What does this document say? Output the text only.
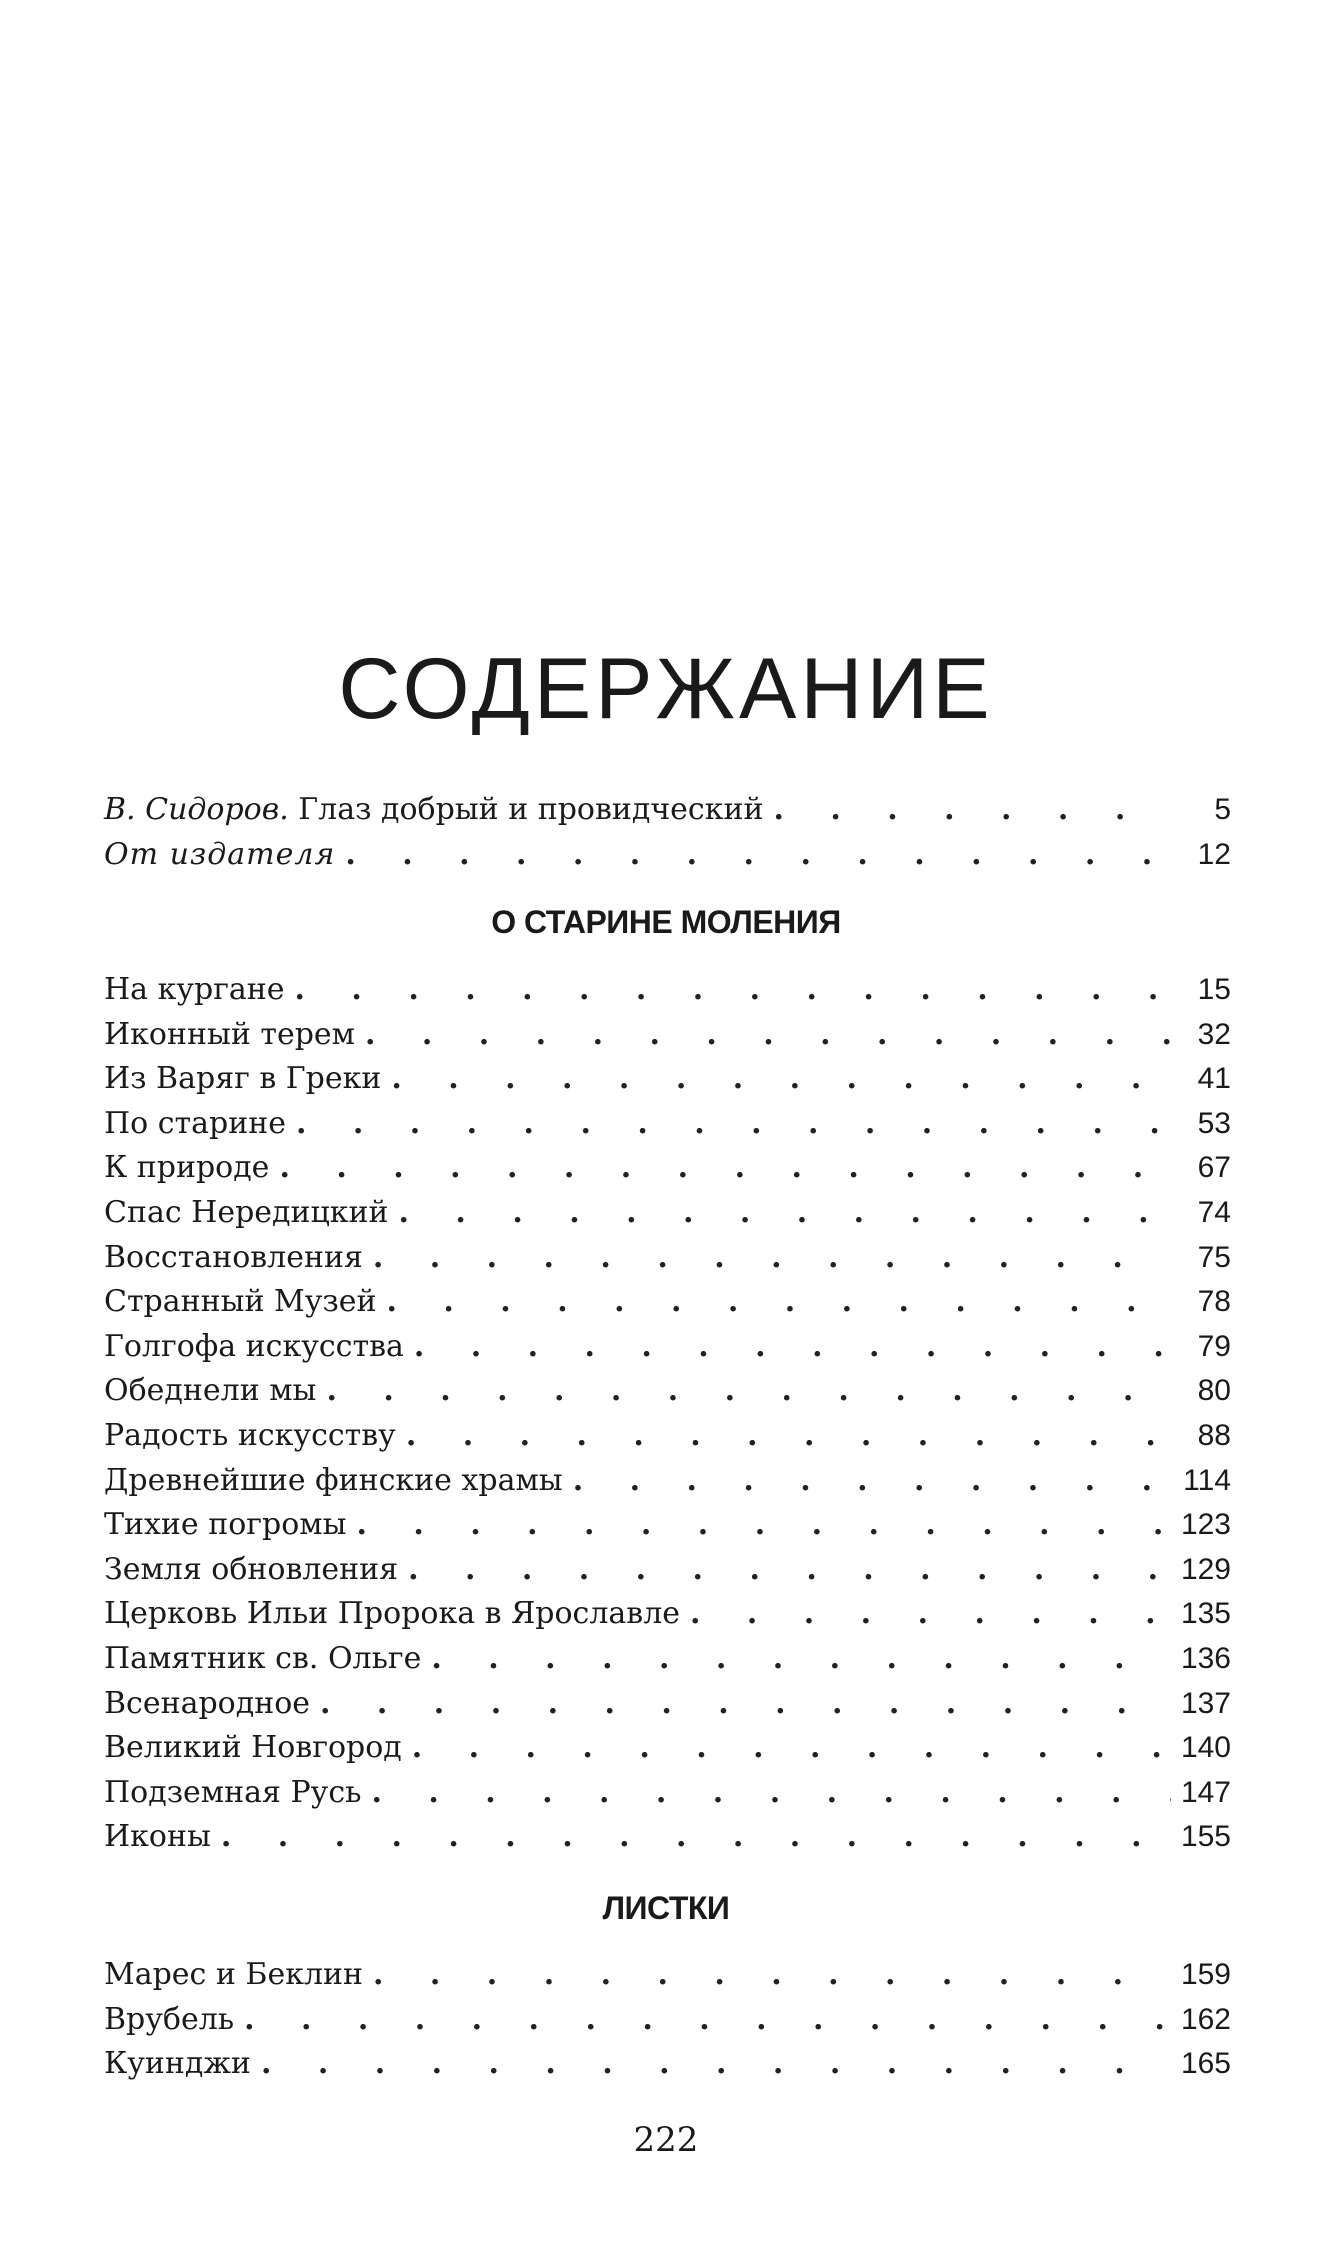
СОДЕРЖАНИЕ
В. Сидоров. Глаз добрый и провидческий . . .	5
От издателя . . .	12
О СТАРИНЕ МОЛЕНИЯ
На кургане . . .	15
Иконный терем . . .	32
Из Варяг в Греки . . .	41
По старине . . .	53
К природе . . .	67
Спас Нередицкий . . .	74
Восстановления . . .	75
Странный Музей . . .	78
Голгофа искусства . . .	79
Обеднели мы . . .	80
Радость искусству . . .	88
Древнейшие финские храмы . . .	114
Тихие погромы . . .	123
Земля обновления . . .	129
Церковь Ильи Пророка в Ярославле . . .	135
Памятник св. Ольге . . .	136
Всенародное . . .	137
Великий Новгород . . .	140
Подземная Русь . . .	147
Иконы . . .	155
ЛИСТКИ
Марес и Беклин . . .	159
Врубель . . .	162
Куинджи . . .	165
222
